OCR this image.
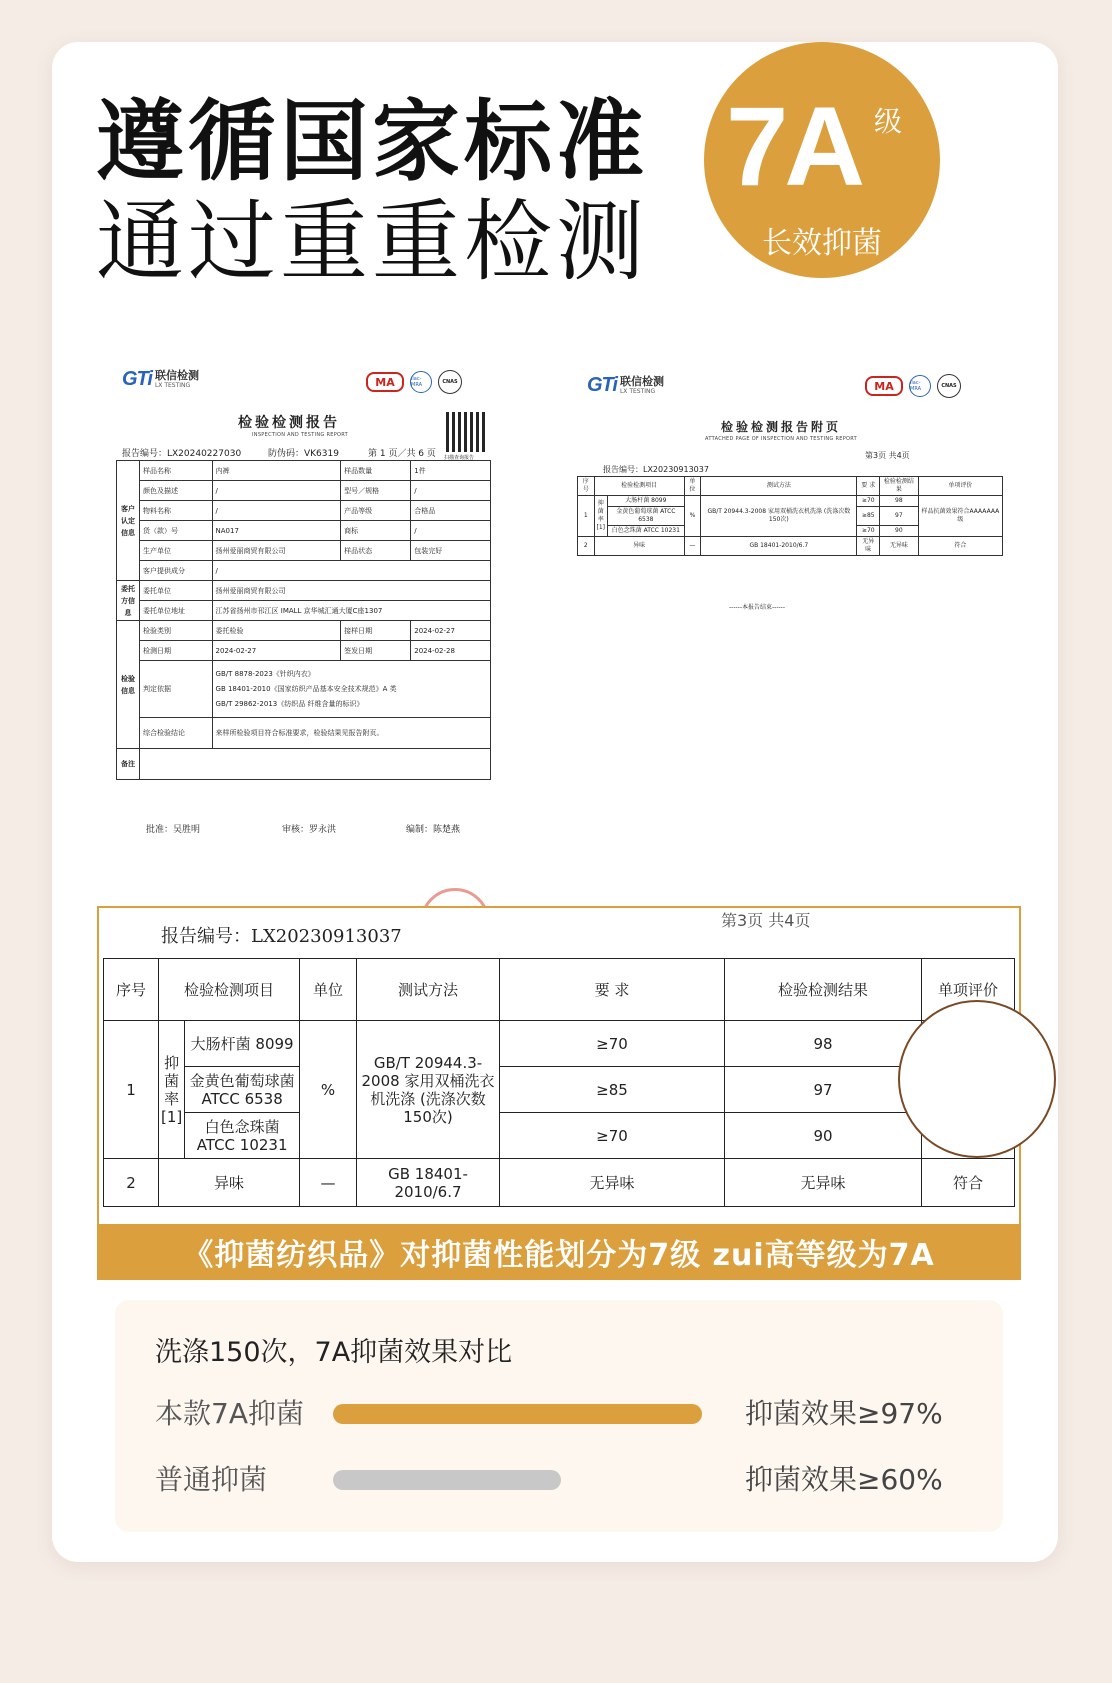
遵循国家标准
通过重重检测
7A 级
长效抑菌
GTi 联信检测
LX TESTING	MA	ilac-MRA	CNAS
检验检测报告
INSPECTION AND TESTING REPORT
扫描查询报告
报告编号：LX20240227030	防伪码：VK6319	第 1 页／共 6 页
客户认定信息	样品名称	内裤	样品数量	1件
	颜色及描述	/	型号／规格	/
	物料名称	/	产品等级	合格品
	货（款）号	NA017	商标	/
	生产单位	扬州爱丽商贸有限公司	样品状态	包装完好
	客户提供成分	/		
委托方信息	委托单位	扬州爱丽商贸有限公司		
	委托单位地址	江苏省扬州市邗江区 IMALL 京华城汇通大厦C座1307		
检验信息	检验类别	委托检验	接样日期	2024-02-27
	检测日期	2024-02-27	签发日期	2024-02-28
	判定依据	GB/T 8878-2023《针织内衣》
GB 18401-2010《国家纺织产品基本安全技术规范》A 类
GB/T 29862-2013《纺织品 纤维含量的标识》		

	综合检验结论	来样所检验项目符合标准要求，检验结果见报告附页。		
备注				
批准：吴胜明	审核：罗永洪	编制：陈楚燕
GTi 联信检测
LX TESTING	MA	ilac-MRA	CNAS
检验检测报告附页
ATTACHED PAGE OF INSPECTION AND TESTING REPORT
第3页 共4页
报告编号：LX20230913037
序号	检验检测项目		单位	测试方法	要 求	检验检测结果	单项评价
1	抑菌率[1]	大肠杆菌 8099	%	GB/T 20944.3-2008 家用双桶洗衣机洗涤 (洗涤次数150次)	≥70	98	样品抗菌效果符合AAAAAAA级
		金黄色葡萄球菌 ATCC 6538			≥85	97	
		白色念珠菌 ATCC 10231			≥70	90	
2	异味		—	GB 18401-2010/6.7	无异味	无异味	符合
------本报告结束------
报告编号：LX20230913037
第3页 共4页
序号	检验检测项目		单位	测试方法	要 求	检验检测结果	单项评价
1	抑菌率[1]	大肠杆菌 8099	%	GB/T 20944.3-2008 家用双桶洗衣机洗涤 (洗涤次数150次)	≥70	98	
		金黄色葡萄球菌 ATCC 6538			≥85	97	
		白色念珠菌 ATCC 10231			≥70	90	
2	异味		—	GB 18401-2010/6.7	无异味	无异味	符合
《抑菌纺织品》对抑菌性能划分为7级 zui高等级为7A
洗涤150次，7A抑菌效果对比
本款7A抑菌	抑菌效果≥97%
普通抑菌	抑菌效果≥60%
